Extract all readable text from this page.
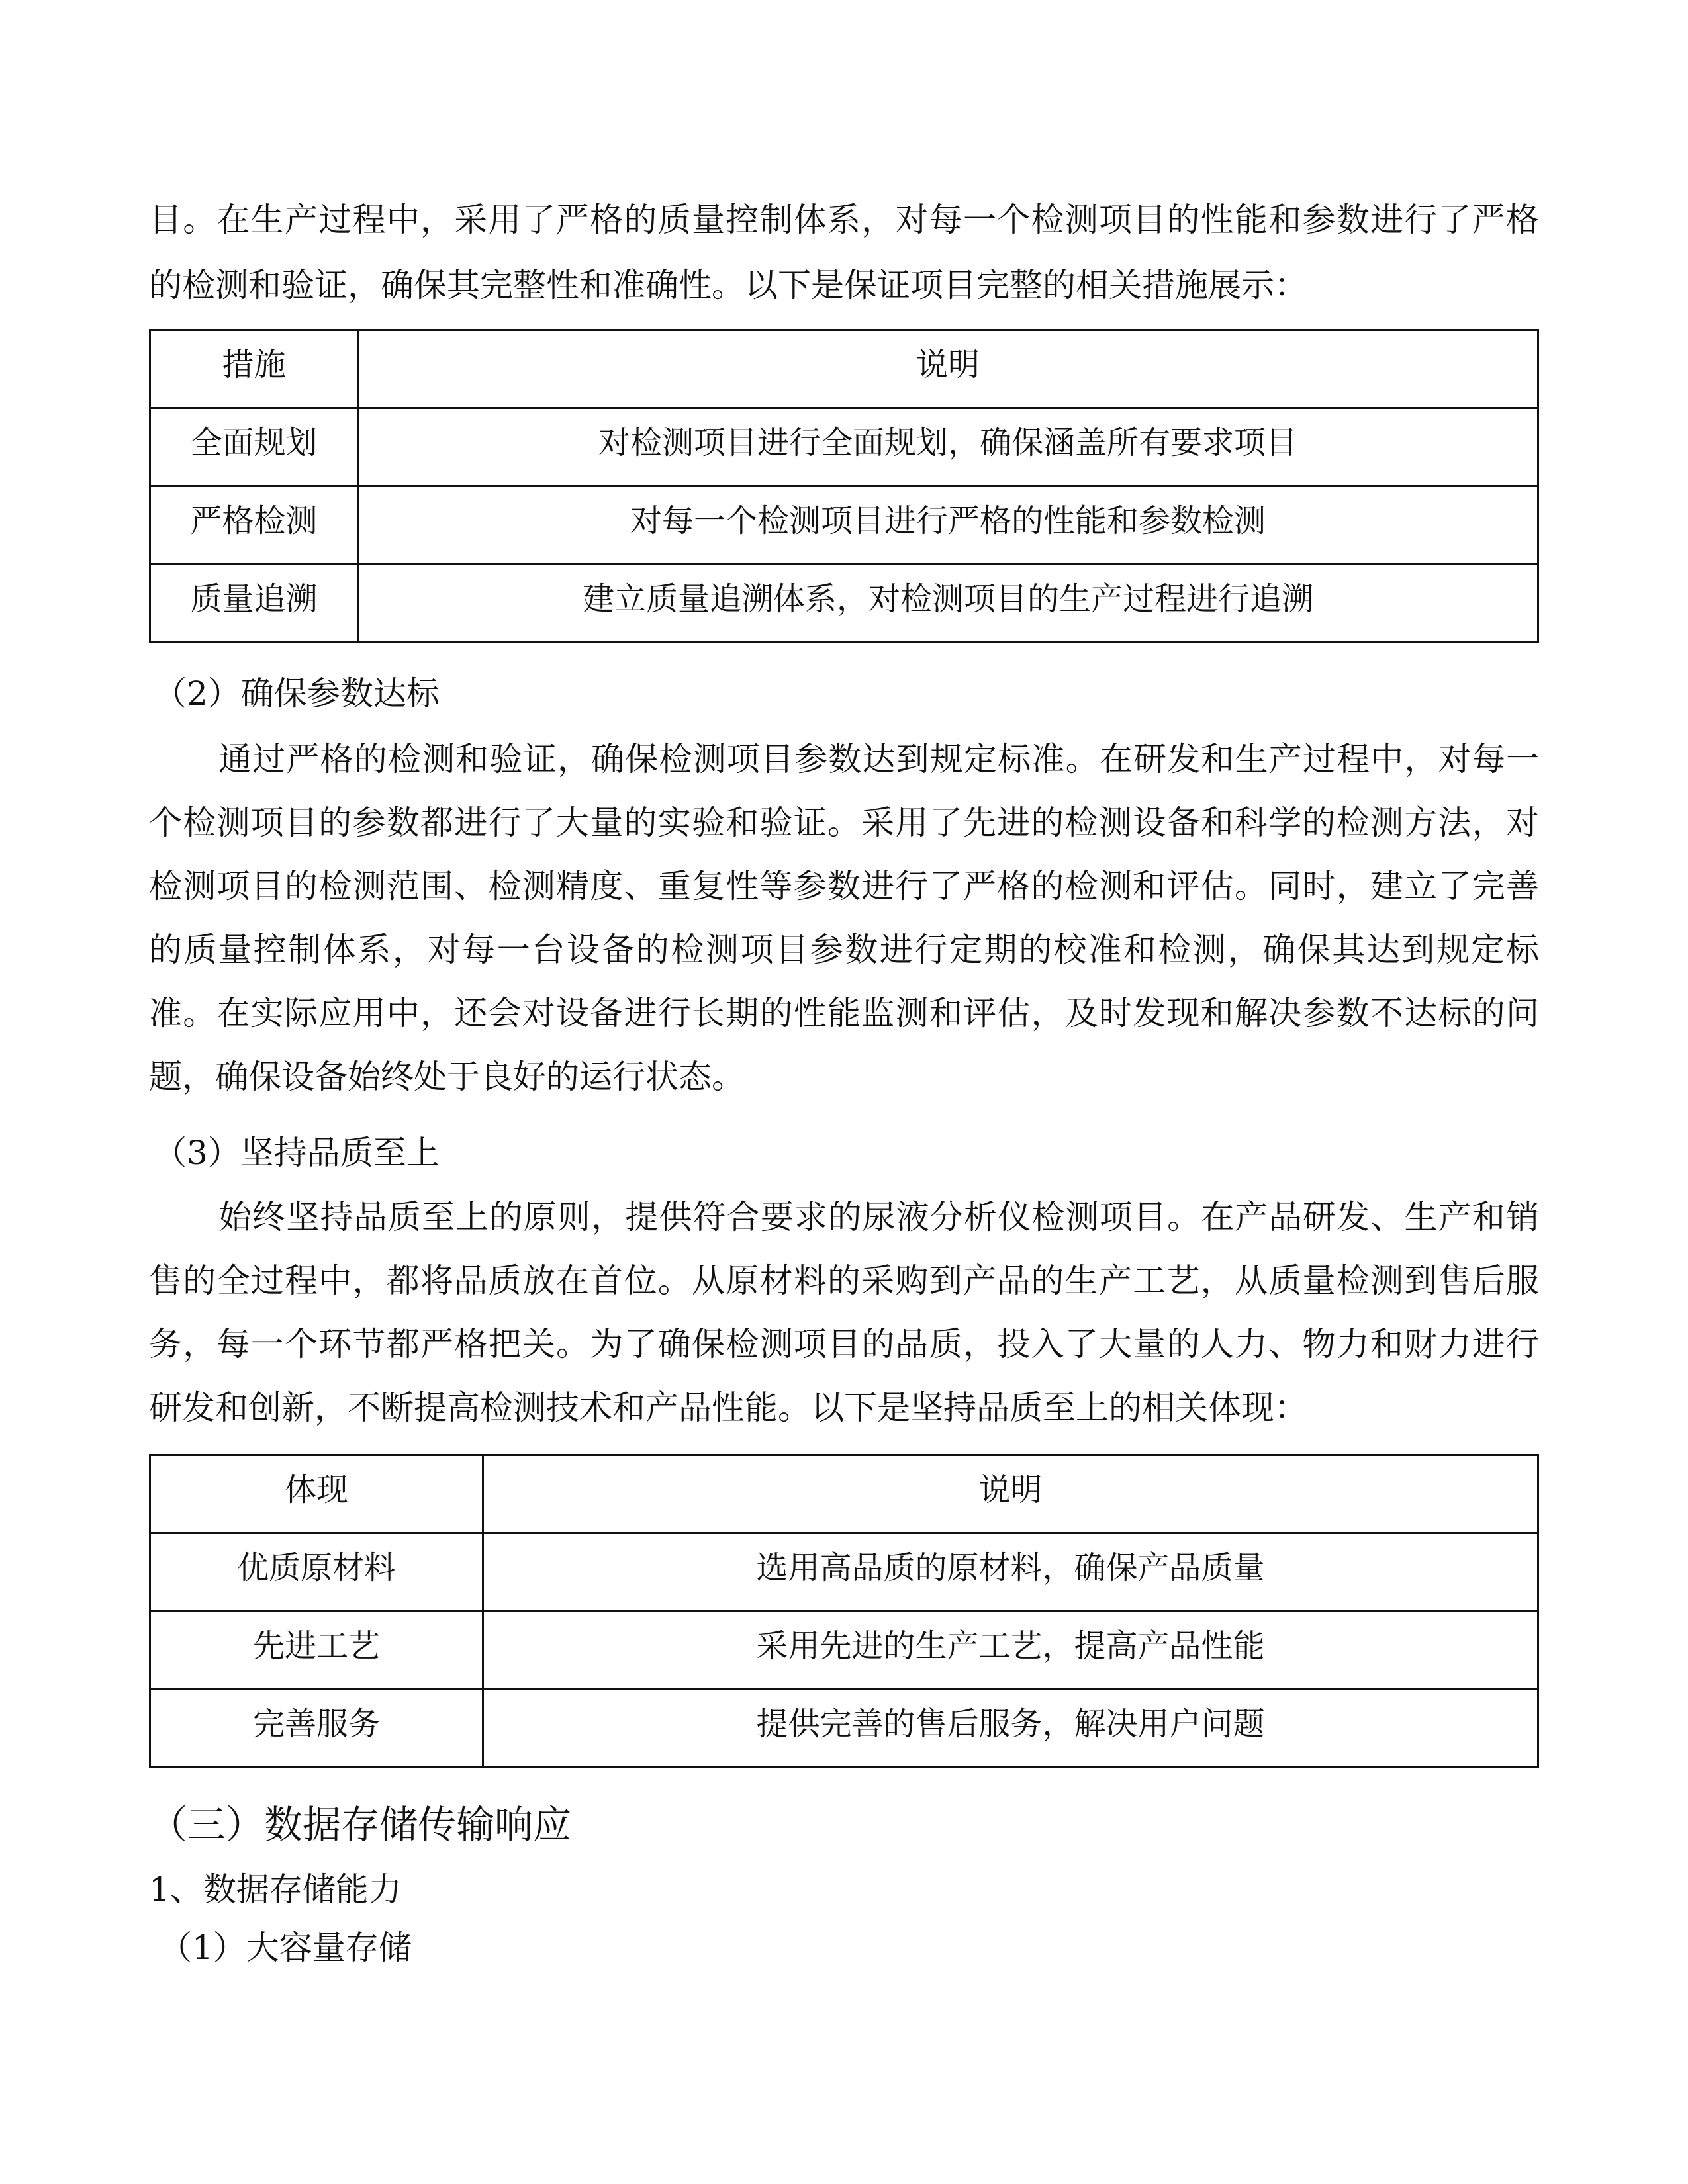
目。在生产过程中，采用了严格的质量控制体系，对每一个检测项目的性能和参数进行了严格
的检测和验证，确保其完整性和准确性。以下是保证项目完整的相关措施展示：
措施	说明
全面规划	对检测项目进行全面规划，确保涵盖所有要求项目
严格检测	对每一个检测项目进行严格的性能和参数检测
质量追溯	建立质量追溯体系，对检测项目的生产过程进行追溯
（2）确保参数达标
通过严格的检测和验证，确保检测项目参数达到规定标准。在研发和生产过程中，对每一
个检测项目的参数都进行了大量的实验和验证。采用了先进的检测设备和科学的检测方法，对
检测项目的检测范围、检测精度、重复性等参数进行了严格的检测和评估。同时，建立了完善
的质量控制体系，对每一台设备的检测项目参数进行定期的校准和检测，确保其达到规定标
准。在实际应用中，还会对设备进行长期的性能监测和评估，及时发现和解决参数不达标的问
题，确保设备始终处于良好的运行状态。
（3）坚持品质至上
始终坚持品质至上的原则，提供符合要求的尿液分析仪检测项目。在产品研发、生产和销
售的全过程中，都将品质放在首位。从原材料的采购到产品的生产工艺，从质量检测到售后服
务，每一个环节都严格把关。为了确保检测项目的品质，投入了大量的人力、物力和财力进行
研发和创新，不断提高检测技术和产品性能。以下是坚持品质至上的相关体现：
体现	说明
优质原材料	选用高品质的原材料，确保产品质量
先进工艺	采用先进的生产工艺，提高产品性能
完善服务	提供完善的售后服务，解决用户问题
（三）数据存储传输响应
1、数据存储能力
（1）大容量存储
